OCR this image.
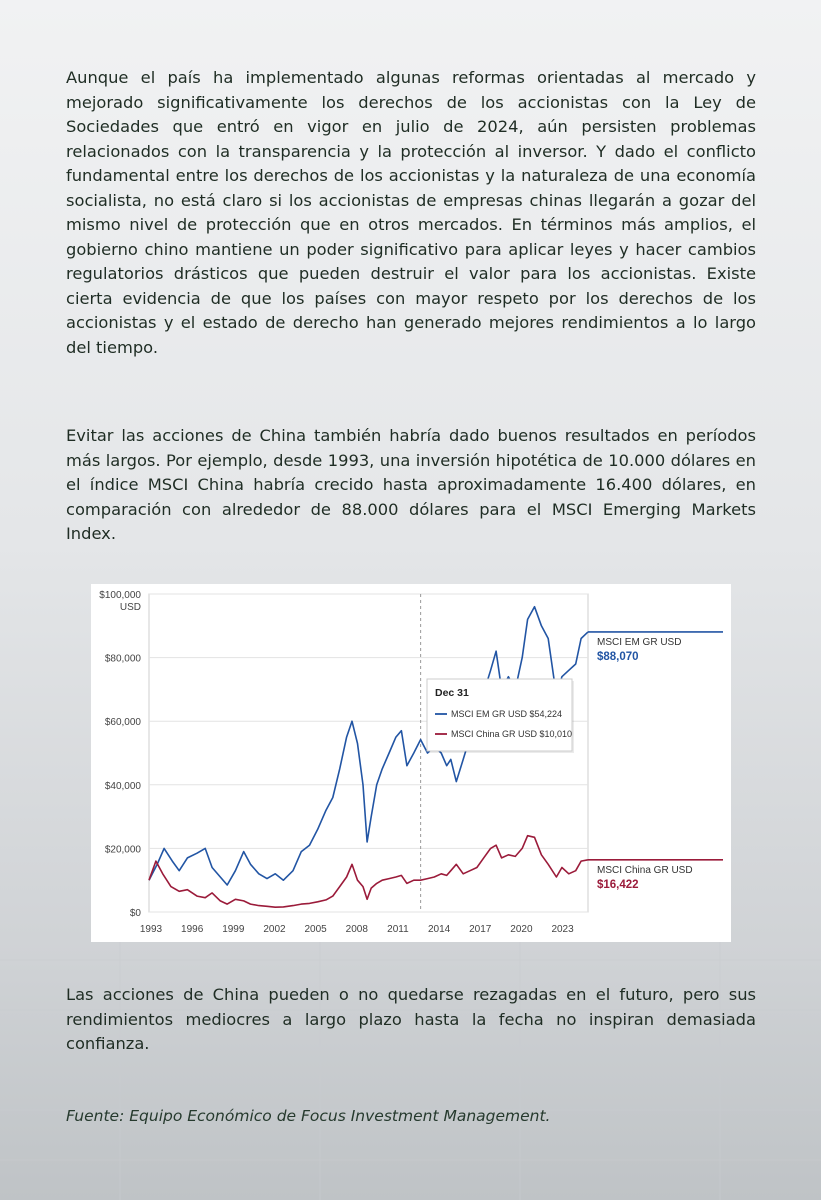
Aunque el país ha implementado algunas reformas orientadas al mercado y mejorado significativamente los derechos de los accionistas con la Ley de Sociedades que entró en vigor en julio de 2024, aún persisten problemas relacionados con la transparencia y la protección al inversor. Y dado el conflicto fundamental entre los derechos de los accionistas y la naturaleza de una economía socialista, no está claro si los accionistas de empresas chinas llegarán a gozar del mismo nivel de protección que en otros mercados. En términos más amplios, el gobierno chino mantiene un poder significativo para aplicar leyes y hacer cambios regulatorios drásticos que pueden destruir el valor para los accionistas. Existe cierta evidencia de que los países con mayor respeto por los derechos de los accionistas y el estado de derecho han generado mejores rendimientos a lo largo del tiempo.

Evitar las acciones de China también habría dado buenos resultados en períodos más largos. Por ejemplo, desde 1993, una inversión hipotética de 10.000 dólares en el índice MSCI China habría crecido hasta aproximadamente 16.400 dólares, en comparación con alrededor de 88.000 dólares para el MSCI Emerging Markets Index.

$0
$20,000
$40,000
$60,000
$80,000
$100,000
USD
1993 1996 1999 2002 2005 2008 2011 2014 2017 2020 2023
MSCI EM GR USD
$88,070
MSCI China GR USD
$16,422
Dec 31
MSCI EM GR USD $54,224
MSCI China GR USD $10,010

Las acciones de China pueden o no quedarse rezagadas en el futuro, pero sus rendimientos mediocres a largo plazo hasta la fecha no inspiran demasiada confianza.

Fuente: Equipo Económico de Focus Investment Management.
